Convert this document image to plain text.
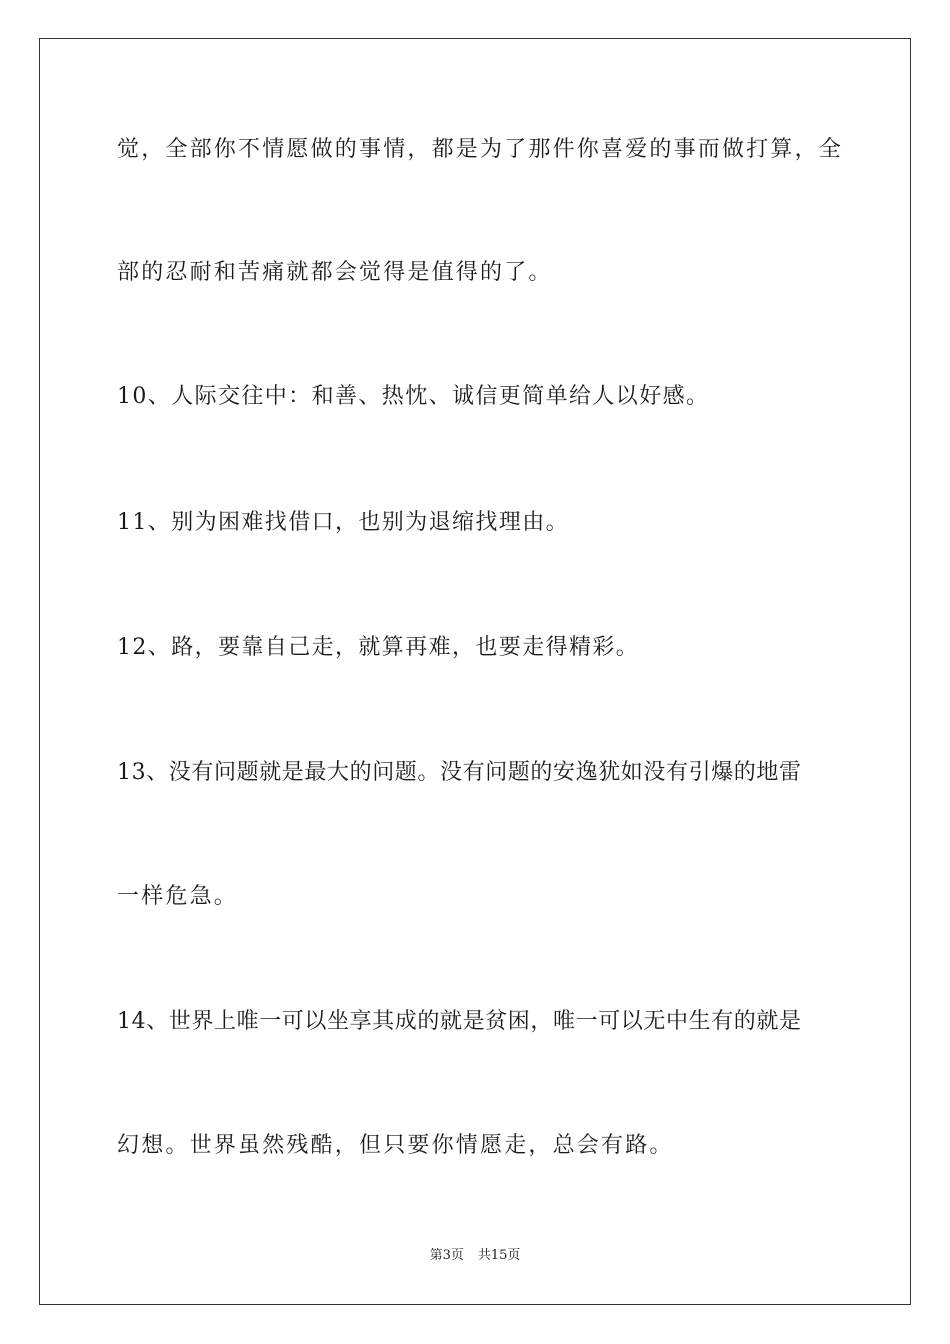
觉，全部你不情愿做的事情，都是为了那件你喜爱的事而做打算，全
部的忍耐和苦痛就都会觉得是值得的了。
10、人际交往中：和善、热忱、诚信更简单给人以好感。
11、别为困难找借口，也别为退缩找理由。
12、路，要靠自己走，就算再难，也要走得精彩。
13、没有问题就是最大的问题。没有问题的安逸犹如没有引爆的地雷
一样危急。
14、世界上唯一可以坐享其成的就是贫困，唯一可以无中生有的就是
幻想。世界虽然残酷，但只要你情愿走，总会有路。
第3页 共15页
